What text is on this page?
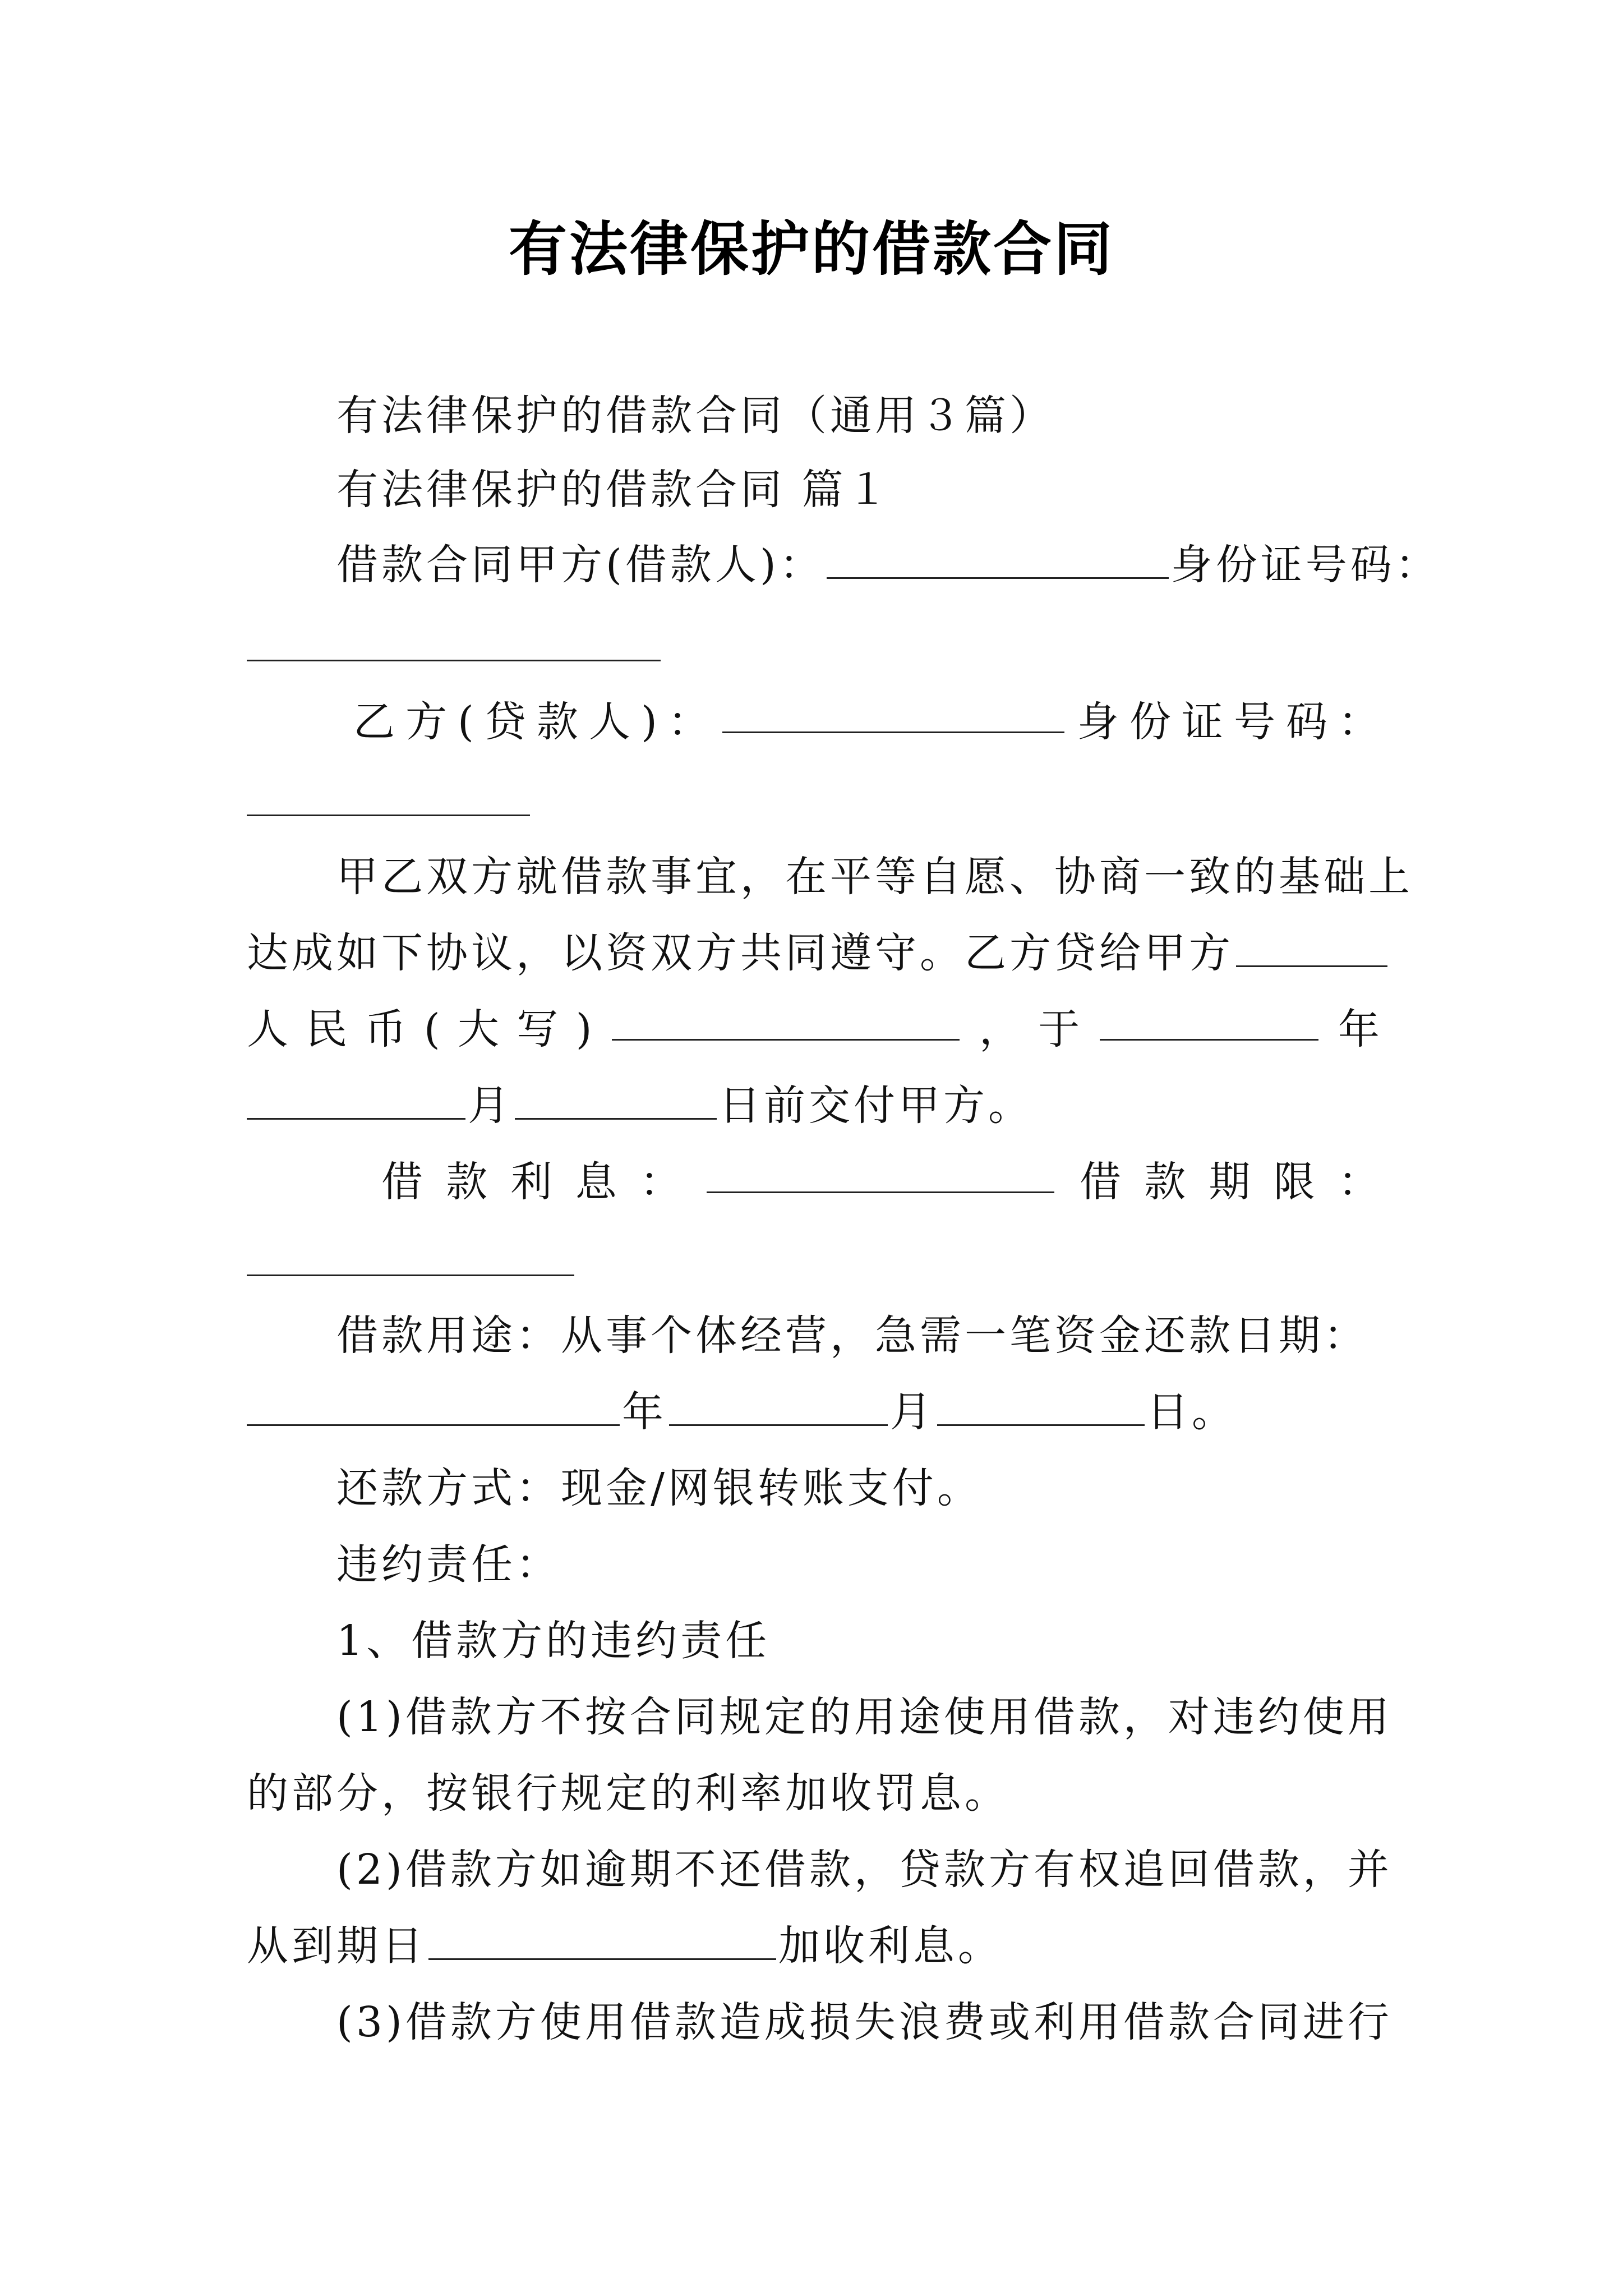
有法律保护的借款合同
有法律保护的借款合同（通用３篇）
有法律保护的借款合同 篇１
借款合同甲方(借款人)：	身份证号码：
乙 方 ( 贷 款 人 ) ：	身 份 证 号 码 ：
甲乙双方就借款事宜，在平等自愿、协商一致的基础上
达成如下协议，以资双方共同遵守。乙方贷给甲方
人 民 币 ( 大 写 )	， 于	年
月	日前交付甲方。
借 款 利 息 ：	借 款 期 限 ：
借款用途：从事个体经营，急需一笔资金还款日期：
年	月	日。
还款方式：现金/网银转账支付。
违约责任：
1、借款方的违约责任
(1)借款方不按合同规定的用途使用借款，对违约使用
的部分，按银行规定的利率加收罚息。
(2)借款方如逾期不还借款，贷款方有权追回借款，并
从到期日	加收利息。
(3)借款方使用借款造成损失浪费或利用借款合同进行
